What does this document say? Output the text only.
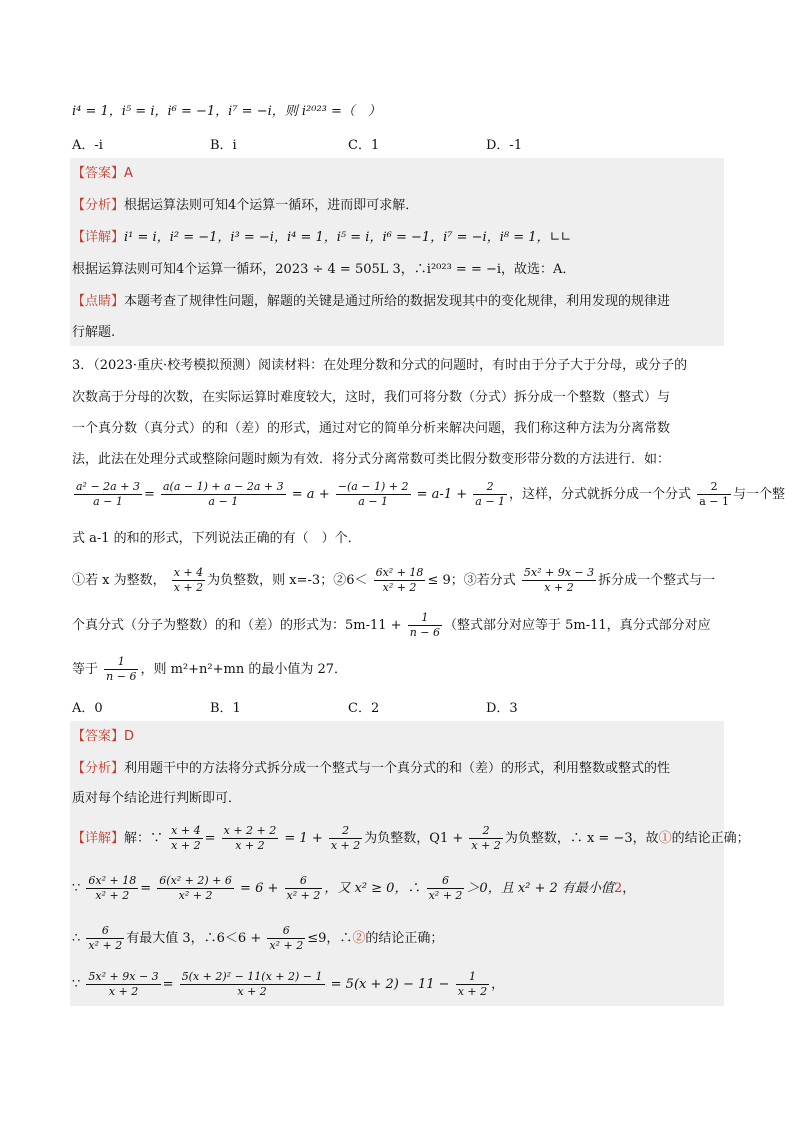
i⁴ = 1，i⁵ = i，i⁶ = −1，i⁷ = −i，则 i²⁰²³ =（　）
A．-i	B．i	C．1	D．-1
【答案】A
【分析】根据运算法则可知4个运算一循环，进而即可求解．
【详解】i¹ = i，i² = −1，i³ = −i，i⁴ = 1，i⁵ = i，i⁶ = −1，i⁷ = −i，i⁸ = 1，∟∟
根据运算法则可知4个运算一循环，2023 ÷ 4 = 505L 3，∴i²⁰²³ = = −i，故选：A．
【点睛】本题考查了规律性问题，解题的关键是通过所给的数据发现其中的变化规律，利用发现的规律进
行解题.
3．（2023·重庆·校考模拟预测）阅读材料：在处理分数和分式的问题时，有时由于分子大于分母，或分子的
次数高于分母的次数，在实际运算时难度较大，这时，我们可将分数（分式）拆分成一个整数（整式）与
一个真分数（真分式）的和（差）的形式，通过对它的简单分析来解决问题，我们称这种方法为分离常数
法，此法在处理分式或整除问题时颇为有效．将分式分离常数可类比假分数变形带分数的方法进行．如：
$\frac{\text{a² − 2a + 3}}{a - 1} = \frac{a(a - 1) + a - 2a + 3}{a - 1} = a + \frac{-(a - 1) + 2}{a - 1} = a-1 + \frac{2}{a - 1}$ ，这样，分式就拆分成一个分式 $\frac{2}{a - 1}$ 与一个整
式 a-1 的和的形式，下列说法正确的有（　）个．
①若 x 为整数， $\frac{x + 4}{x + 2}$ 为负整数，则 x=-3；②6＜ $\frac{\text{6x² + 18}}{\text{x² + 2}} \le 9$；③若分式 $\frac{\text{5x² + 9x − 3}}{x + 2}$ 拆分成一个整式与一
个真分式（分子为整数）的和（差）的形式为：$5m-11 + \frac{1}{n - 6}$ （整式部分对应等于 5m-11，真分式部分对应
等于 $\frac{1}{n - 6}$ ，则 m²+n²+mn 的最小值为 27．
A．0	B．1	C．2	D．3
【答案】D
【分析】利用题干中的方法将分式拆分成一个整式与一个真分式的和（差）的形式，利用整数或整式的性
质对每个结论进行判断即可．
【详解】解：∵ $\frac{x + 4}{x + 2} = \frac{x + 2 + 2}{x + 2} = 1 + \frac{2}{x + 2}$ 为负整数，$Q1 + \frac{2}{x + 2}$ 为负整数，∴ x = −3，故①的结论正确；
∵ $\frac{\text{6x² + 18}}{\text{x² + 2}} = \frac{\text{6(x² + 2) + 6}}{\text{x² + 2}} = 6 + \frac{6}{\text{x² + 2}}$ ，又 x² ≥ 0，∴ $\frac{6}{\text{x² + 2}} >0$，且 x² + 2 有最小值2，
∴ $\frac{6}{\text{x² + 2}}$ 有最大值 3，∴6＜6 + $\frac{6}{\text{x² + 2}} \le 9$，∴②的结论正确；
∵ $\frac{\text{5x² + 9x − 3}}{x + 2} = \frac{\text{5(x + 2)² − 11(x + 2) − 1}}{x + 2} = 5(x + 2) - 11 - \frac{1}{x + 2}$ ，
